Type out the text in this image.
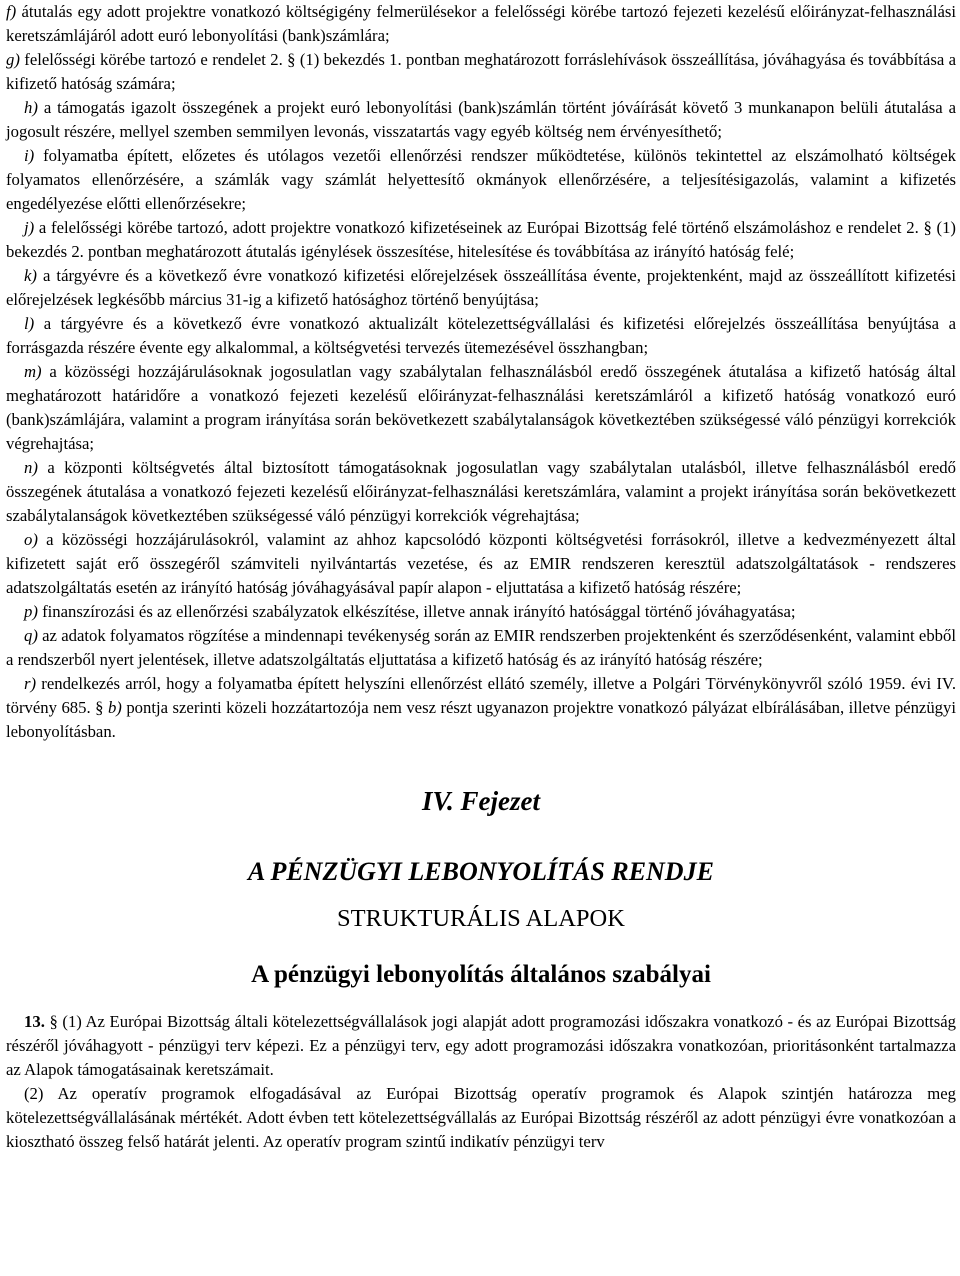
f) átutalás egy adott projektre vonatkozó költségigény felmerülésekor a felelősségi körébe tartozó fejezeti kezelésű előirányzat-felhasználási keretszámlájáról adott euró lebonyolítási (bank)számlára;

g) felelősségi körébe tartozó e rendelet 2. § (1) bekezdés 1. pontban meghatározott forráslehívások összeállítása, jóváhagyása és továbbítása a kifizető hatóság számára;

h) a támogatás igazolt összegének a projekt euró lebonyolítási (bank)számlán történt jóváírását követő 3 munkanapon belüli átutalása a jogosult részére, mellyel szemben semmilyen levonás, visszatartás vagy egyéb költség nem érvényesíthető;

i) folyamatba épített, előzetes és utólagos vezetői ellenőrzési rendszer működtetése, különös tekintettel az elszámolható költségek folyamatos ellenőrzésére, a számlák vagy számlát helyettesítő okmányok ellenőrzésére, a teljesítésigazolás, valamint a kifizetés engedélyezése előtti ellenőrzésekre;

j) a felelősségi körébe tartozó, adott projektre vonatkozó kifizetéseinek az Európai Bizottság felé történő elszámoláshoz e rendelet 2. § (1) bekezdés 2. pontban meghatározott átutalás igénylések összesítése, hitelesítése és továbbítása az irányító hatóság felé;

k) a tárgyévre és a következő évre vonatkozó kifizetési előrejelzések összeállítása évente, projektenként, majd az összeállított kifizetési előrejelzések legkésőbb március 31-ig a kifizető hatósághoz történő benyújtása;

l) a tárgyévre és a következő évre vonatkozó aktualizált kötelezettségvállalási és kifizetési előrejelzés összeállítása benyújtása a forrásgazda részére évente egy alkalommal, a költségvetési tervezés ütemezésével összhangban;

m) a közösségi hozzájárulásoknak jogosulatlan vagy szabálytalan felhasználásból eredő összegének átutalása a kifizető hatóság által meghatározott határidőre a vonatkozó fejezeti kezelésű előirányzat-felhasználási keretszámláról a kifizető hatóság vonatkozó euró (bank)számlájára, valamint a program irányítása során bekövetkezett szabálytalanságok következtében szükségessé váló pénzügyi korrekciók végrehajtása;

n) a központi költségvetés által biztosított támogatásoknak jogosulatlan vagy szabálytalan utalásból, illetve felhasználásból eredő összegének átutalása a vonatkozó fejezeti kezelésű előirányzat-felhasználási keretszámlára, valamint a projekt irányítása során bekövetkezett szabálytalanságok következtében szükségessé váló pénzügyi korrekciók végrehajtása;

o) a közösségi hozzájárulásokról, valamint az ahhoz kapcsolódó központi költségvetési forrásokról, illetve a kedvezményezett által kifizetett saját erő összegéről számviteli nyilvántartás vezetése, és az EMIR rendszeren keresztül adatszolgáltatások - rendszeres adatszolgáltatás esetén az irányító hatóság jóváhagyásával papír alapon - eljuttatása a kifizető hatóság részére;

p) finanszírozási és az ellenőrzési szabályzatok elkészítése, illetve annak irányító hatósággal történő jóváhagyatása;

q) az adatok folyamatos rögzítése a mindennapi tevékenység során az EMIR rendszerben projektenként és szerződésenként, valamint ebből a rendszerből nyert jelentések, illetve adatszolgáltatás eljuttatása a kifizető hatóság és az irányító hatóság részére;

r) rendelkezés arról, hogy a folyamatba épített helyszíni ellenőrzést ellátó személy, illetve a Polgári Törvénykönyvről szóló 1959. évi IV. törvény 685. § b) pontja szerinti közeli hozzátartozója nem vesz részt ugyanazon projektre vonatkozó pályázat elbírálásában, illetve pénzügyi lebonyolításban.

IV. Fejezet
A PÉNZÜGYI LEBONYOLÍTÁS RENDJE
STRUKTURÁLIS ALAPOK
A pénzügyi lebonyolítás általános szabályai

13. § (1) Az Európai Bizottság általi kötelezettségvállalások jogi alapját adott programozási időszakra vonatkozó - és az Európai Bizottság részéről jóváhagyott - pénzügyi terv képezi. Ez a pénzügyi terv, egy adott programozási időszakra vonatkozóan, prioritásonként tartalmazza az Alapok támogatásainak keretszámait.

(2) Az operatív programok elfogadásával az Európai Bizottság operatív programok és Alapok szintjén határozza meg kötelezettségvállalásának mértékét. Adott évben tett kötelezettségvállalás az Európai Bizottság részéről az adott pénzügyi évre vonatkozóan a kiosztható összeg felső határát jelenti. Az operatív program szintű indikatív pénzügyi terv
